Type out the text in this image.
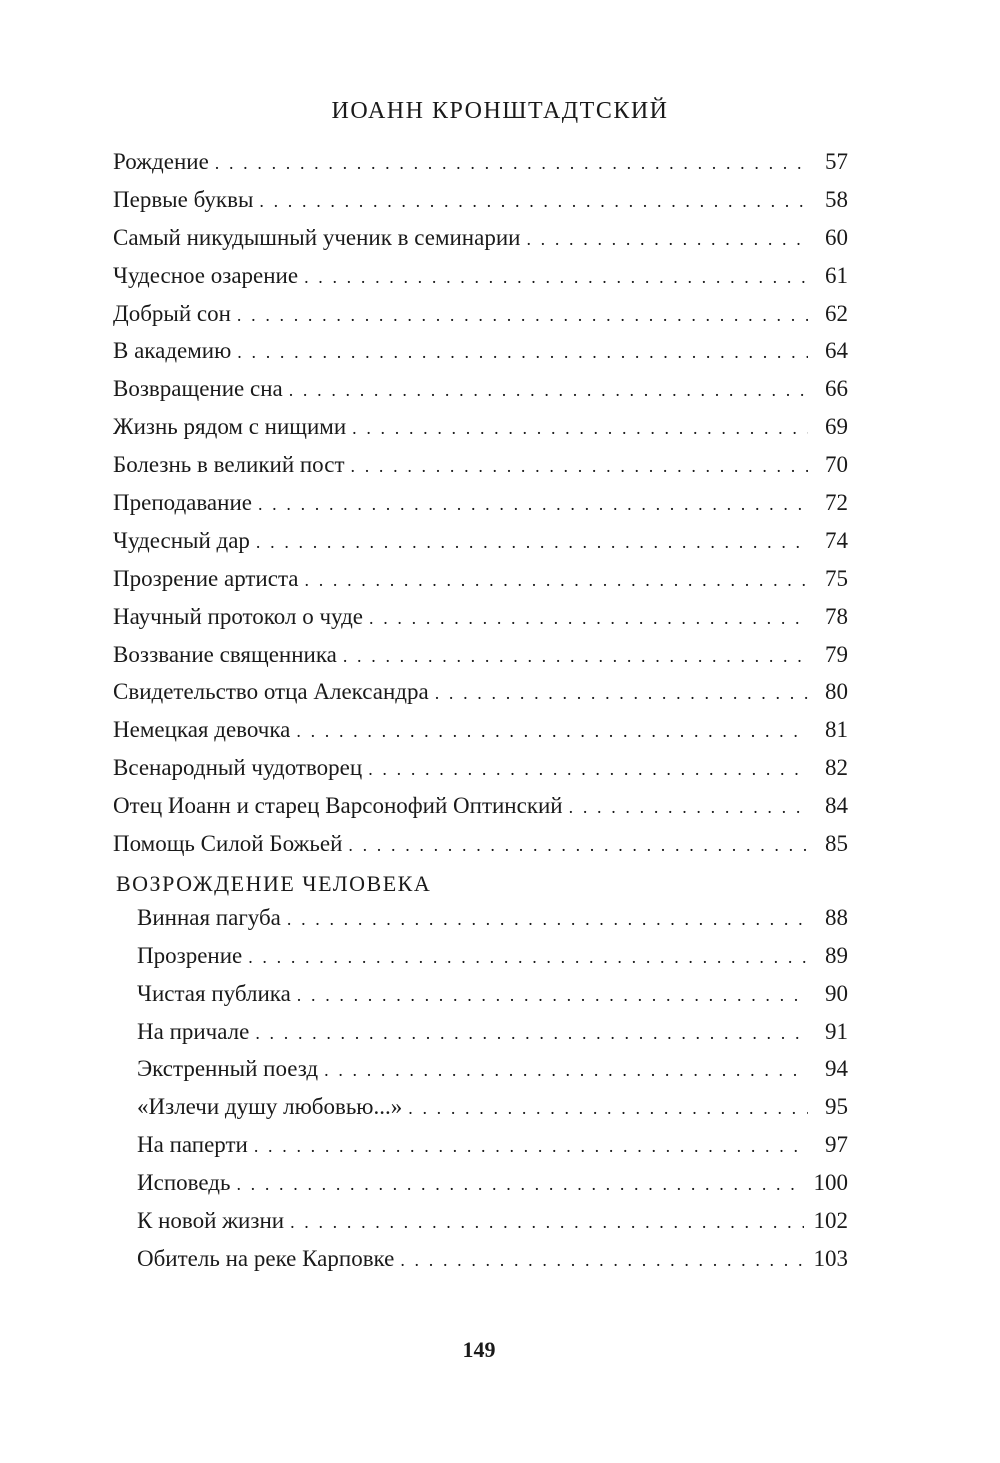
ИОАНН КРОНШТАДТСКИЙ
Рождение . . .	57
Первые буквы . . .	58
Самый никудышный ученик в семинарии . . .	60
Чудесное озарение . . .	61
Добрый сон . . .	62
В академию . . .	64
Возвращение сна . . .	66
Жизнь рядом с нищими . . .	69
Болезнь в великий пост . . .	70
Преподавание . . .	72
Чудесный дар . . .	74
Прозрение артиста . . .	75
Научный протокол о чуде . . .	78
Воззвание священника . . .	79
Свидетельство отца Александра . . .	80
Немецкая девочка . . .	81
Всенародный чудотворец . . .	82
Отец Иоанн и старец Варсонофий Оптинский . . .	84
Помощь Силой Божьей . . .	85
ВОЗРОЖДЕНИЕ ЧЕЛОВЕКА
Винная пагуба . . .	88
Прозрение . . .	89
Чистая публика . . .	90
На причале . . .	91
Экстренный поезд . . .	94
«Излечи душу любовью...» . . .	95
На паперти . . .	97
Исповедь . . .	100
К новой жизни . . .	102
Обитель на реке Карповке . . .	103
149
